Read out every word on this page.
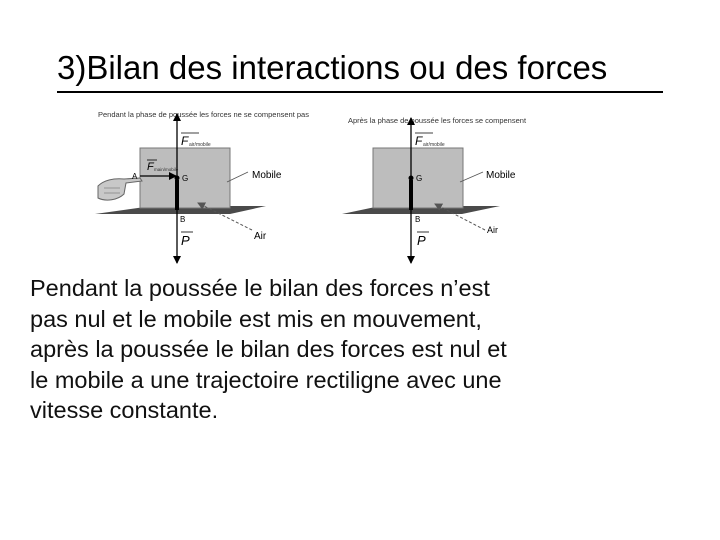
3)Bilan des interactions ou des forces
Pendant la phase de poussée les forces ne se compensent pas
F air/mobile
F main/mobile
A	G	Mobile
B
P	Air
Après la phase de poussée les forces se compensent
F air/mobile
G	Mobile
B
P
Air
Pendant la poussée le bilan des forces n’est
pas nul et le mobile est mis en mouvement,
après la poussée le bilan des forces est nul et
le mobile a une trajectoire rectiligne avec une
vitesse constante.
